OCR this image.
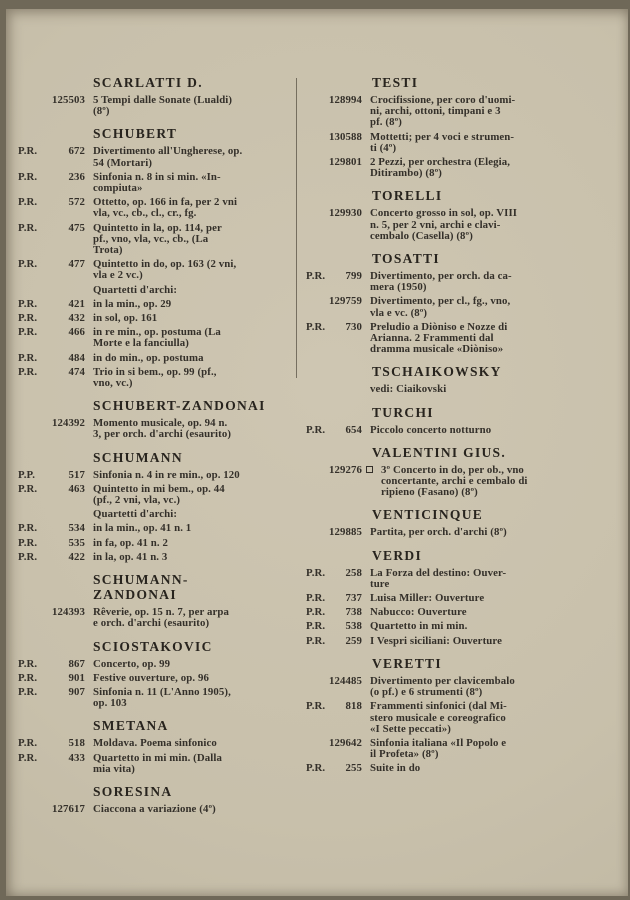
SCARLATTI D.
125503 5 Tempi dalle Sonate (Lualdi)
(8º)
SCHUBERT
P.R.	672 Divertimento all'Ungherese, op.
54 (Mortari)
P.R.	236 Sinfonia n. 8 in si min. «In-
compiuta»
P.R.	572 Ottetto, op. 166 in fa, per 2 vni
vla, vc., cb., cl., cr., fg.
P.R.	475 Quintetto in la, op. 114, per
pf., vno, vla, vc., cb., (La
Trota)
P.R.	477 Quintetto in do, op. 163 (2 vni,
vla e 2 vc.)
Quartetti d'archi:
P.R.	421 in la min., op. 29
P.R.	432 in sol, op. 161
P.R.	466 in re min., op. postuma (La
Morte e la fanciulla)
P.R.	484 in do min., op. postuma
P.R.	474 Trio in si bem., op. 99 (pf.,
vno, vc.)
SCHUBERT-ZANDONAI
124392 Momento musicale, op. 94 n.
3, per orch. d'archi (esaurito)
SCHUMANN
P.P.	517 Sinfonia n. 4 in re min., op. 120
P.R.	463 Quintetto in mi bem., op. 44
(pf., 2 vni, vla, vc.)
Quartetti d'archi:
P.R.	534 in la min., op. 41 n. 1
P.R.	535 in fa, op. 41 n. 2
P.R.	422 in la, op. 41 n. 3
SCHUMANN-
ZANDONAI
124393 Rêverie, op. 15 n. 7, per arpa
e orch. d'archi (esaurito)
SCIOSTAKOVIC
P.R.	867 Concerto, op. 99
P.R.	901 Festive ouverture, op. 96
P.R.	907 Sinfonia n. 11 (L'Anno 1905),
op. 103
SMETANA
P.R.	518 Moldava. Poema sinfonico
P.R.	433 Quartetto in mi min. (Dalla
mia vita)
SORESINA
127617 Ciaccona a variazione (4º)
TESTI
128994 Crocifissione, per coro d'uomi-
ni, archi, ottoni, timpani e 3
pf. (8º)
130588 Mottetti; per 4 voci e strumen-
ti (4º)
129801 2 Pezzi, per orchestra (Elegia,
Ditirambo) (8º)
TORELLI
129930 Concerto grosso in sol, op. VIII
n. 5, per 2 vni, archi e clavi-
cembalo (Casella) (8º)
TOSATTI
P.R. 799 Divertimento, per orch. da ca-
mera (1950)
129759 Divertimento, per cl., fg., vno,
vla e vc. (8º)
P.R. 730 Preludio a Diòniso e Nozze di
Arianna. 2 Frammenti dal
dramma musicale «Diòniso»
TSCHAIKOWSKY
vedi: Ciaikovski
TURCHI
P.R. 654 Piccolo concerto notturno
VALENTINI GIUS.
129276 3º Concerto in do, per ob., vno
concertante, archi e cembalo di
ripieno (Fasano) (8º)
VENTICINQUE
129885 Partita, per orch. d'archi (8º)
VERDI
P.R. 258 La Forza del destino: Ouver-
ture
P.R. 737 Luisa Miller: Ouverture
P.R. 738 Nabucco: Ouverture
P.R. 538 Quartetto in mi min.
P.R. 259 I Vespri siciliani: Ouverture
VERETTI
124485 Divertimento per clavicembalo
(o pf.) e 6 strumenti (8º)
P.R. 818 Frammenti sinfonici (dal Mi-
stero musicale e coreografico
«I Sette peccati»)
129642 Sinfonia italiana «Il Popolo e
il Profeta» (8º)
P.R. 255 Suite in do
